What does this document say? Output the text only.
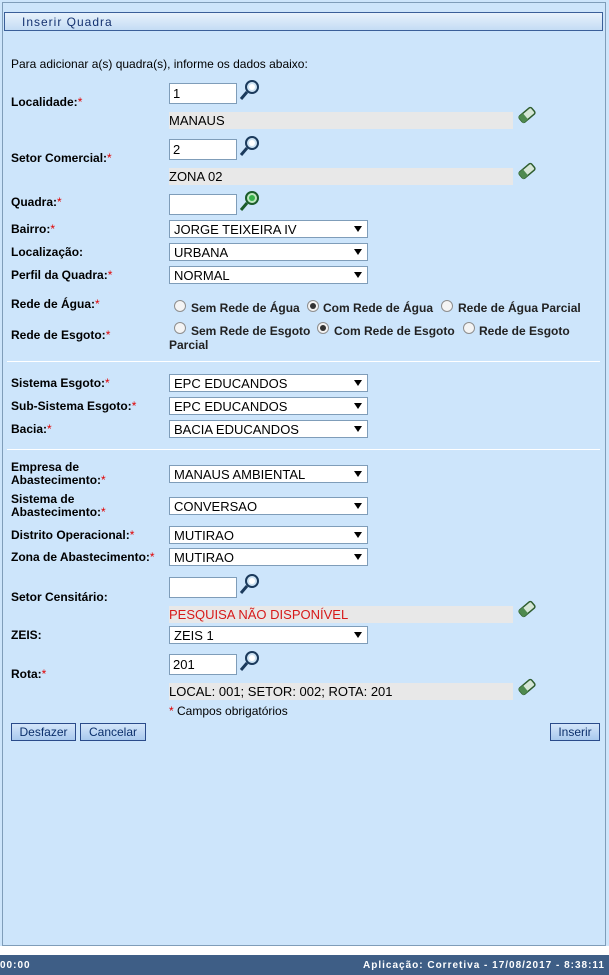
Inserir Quadra
Para adicionar a(s) quadra(s), informe os dados abaixo:
Localidade:*
1
MANAUS
Setor Comercial:*
2
ZONA 02
Quadra:*
Bairro:*	JORGE TEIXEIRA IV
Localização:	URBANA
Perfil da Quadra:*	NORMAL
Rede de Água:*	Sem Rede de Água Com Rede de Água Rede de Água Parcial
Rede de Esgoto:*	Sem Rede de Esgoto Com Rede de Esgoto Rede de Esgoto
Parcial
Sistema Esgoto:*	EPC EDUCANDOS
Sub-Sistema Esgoto:*	EPC EDUCANDOS
Bacia:*	BACIA EDUCANDOS
Empresa de
Abastecimento:*	MANAUS AMBIENTAL
Sistema de
Abastecimento:*	CONVERSAO
Distrito Operacional:*	MUTIRAO
Zona de Abastecimento:*	MUTIRAO
Setor Censitário:
PESQUISA NÃO DISPONÍVEL
ZEIS:	ZEIS 1
Rota:*
201
LOCAL: 001; SETOR: 002; ROTA: 201
* Campos obrigatórios
Desfazer	Cancelar	Inserir
00:00	Aplicação: Corretiva - 17/08/2017 - 8:38:11
